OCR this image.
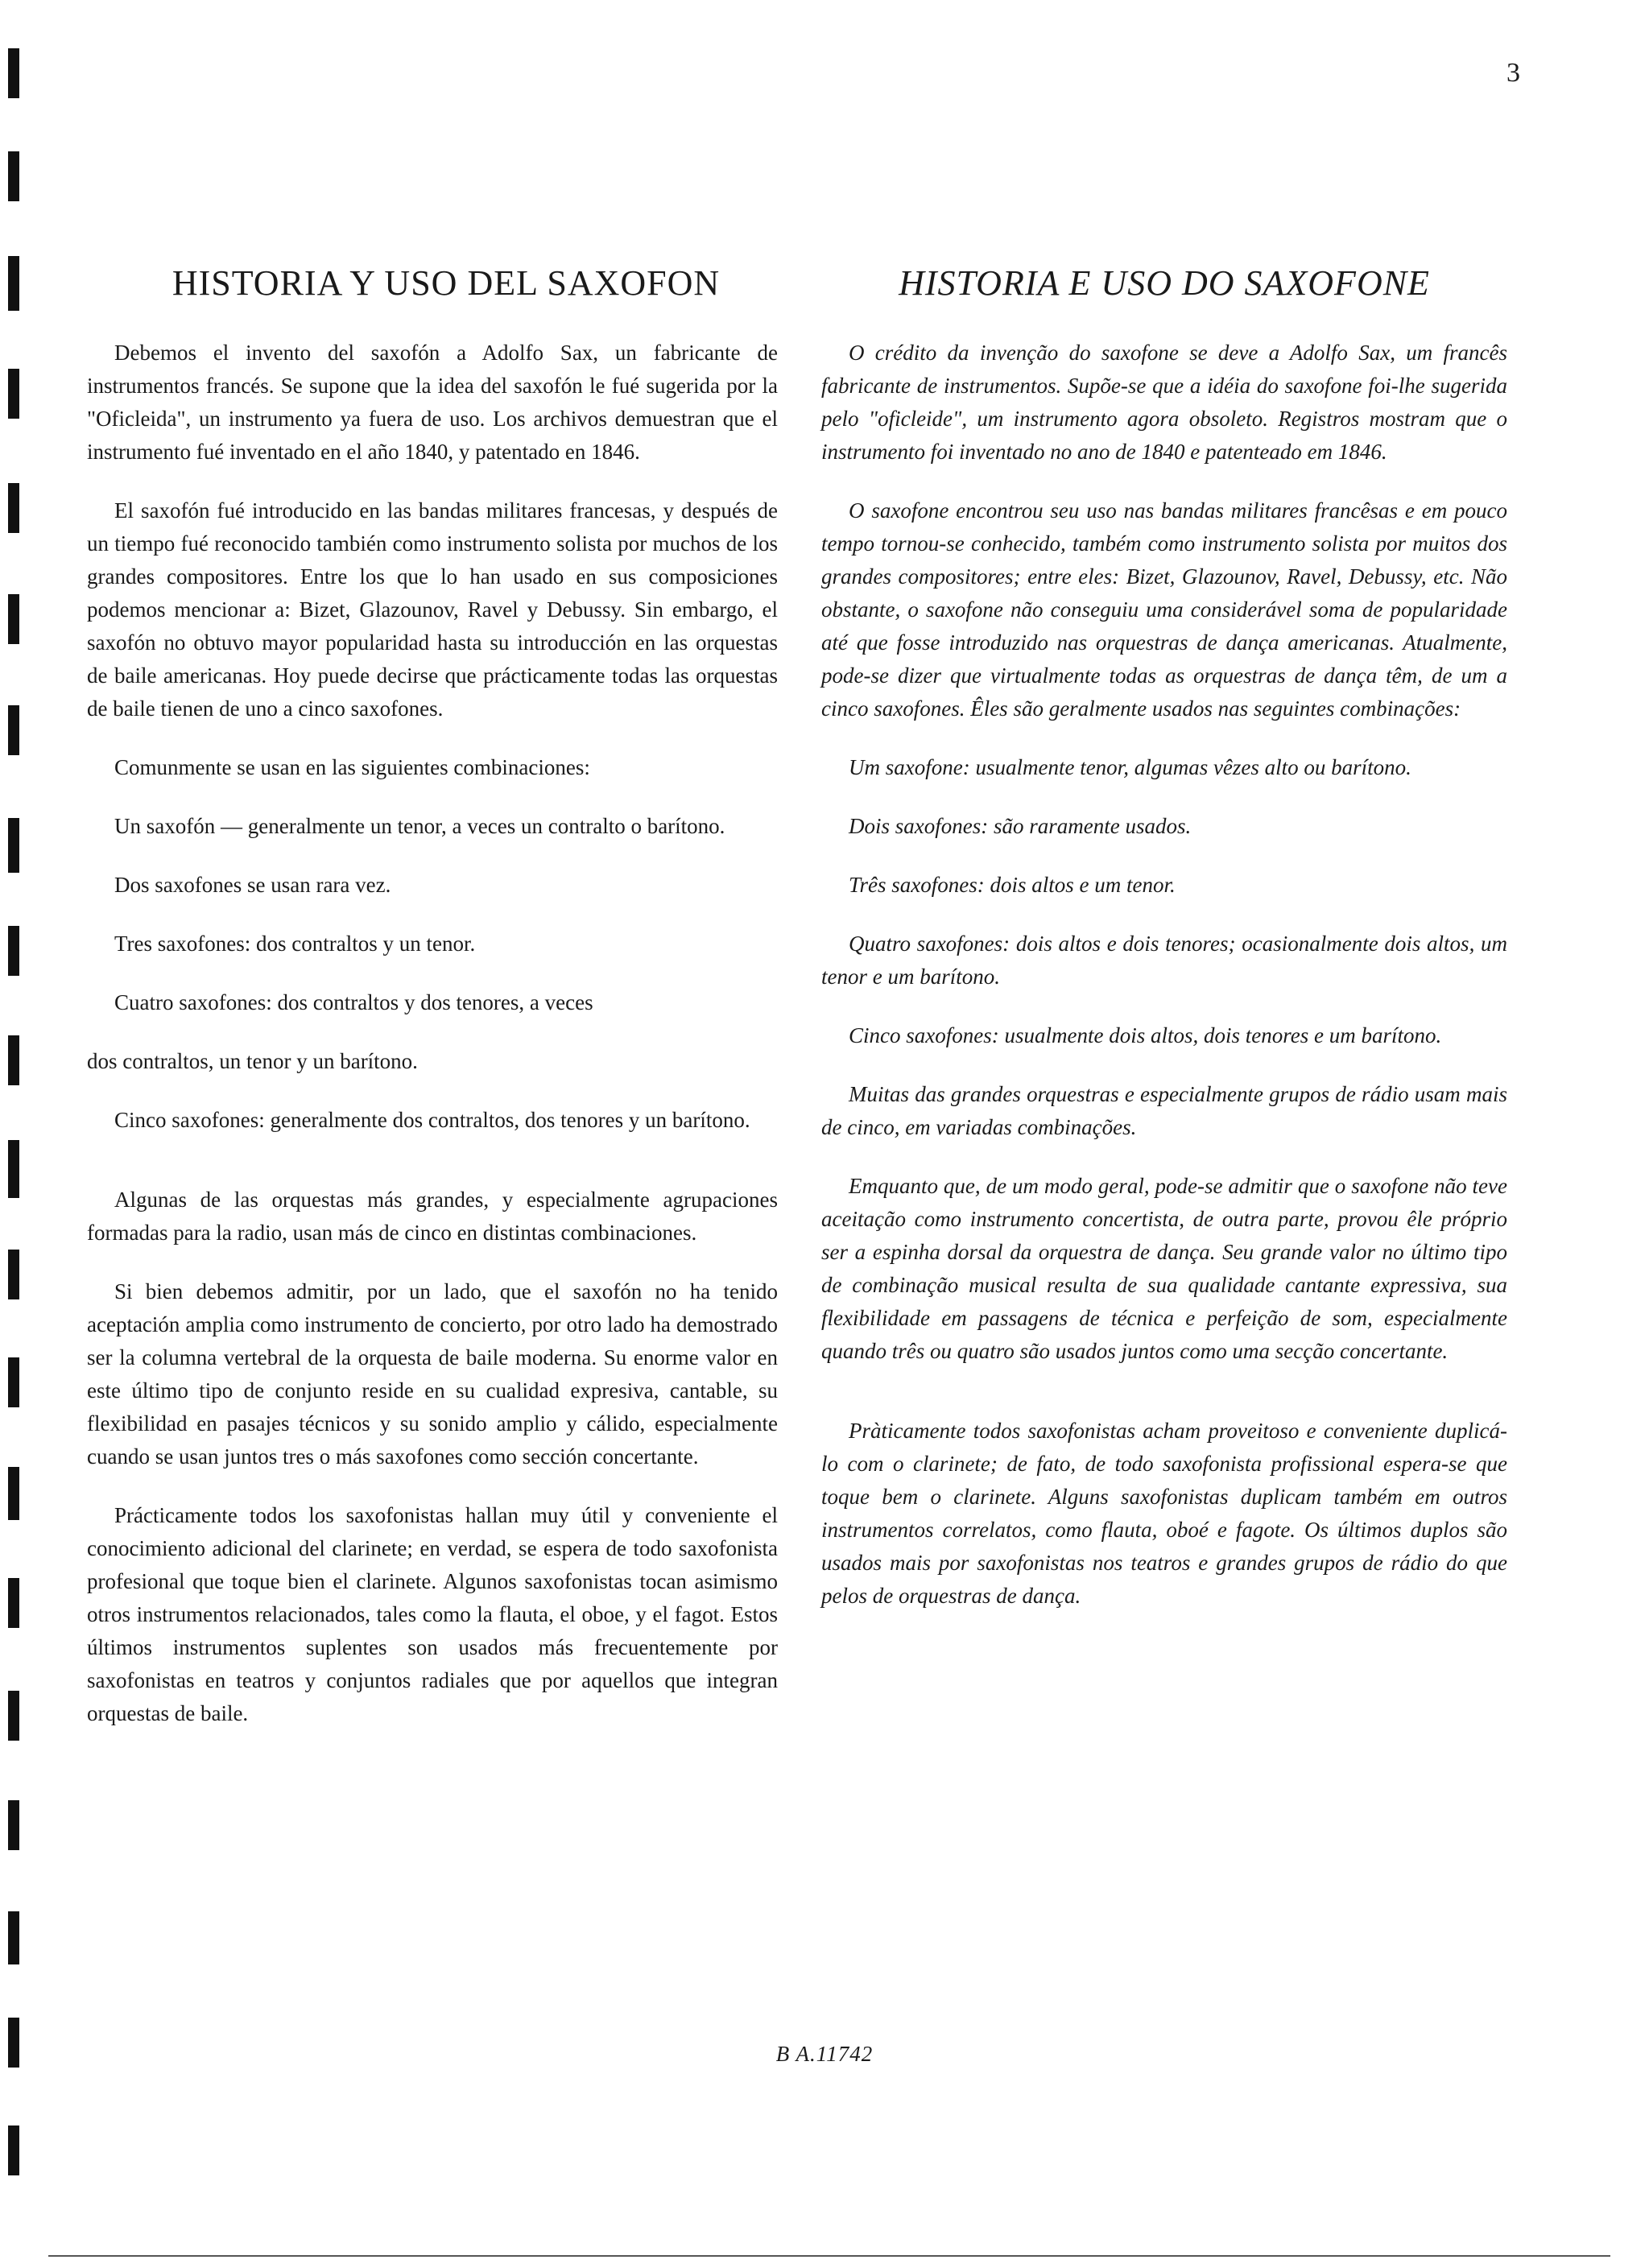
3
HISTORIA Y USO DEL SAXOFON

Debemos el invento del saxofón a Adolfo Sax, un fabricante de instrumentos francés. Se supone que la idea del saxofón le fué sugerida por la "Oficleida", un instrumento ya fuera de uso. Los archivos demuestran que el instrumento fué inventado en el año 1840, y patentado en 1846.

El saxofón fué introducido en las bandas militares francesas, y después de un tiempo fué reconocido también como instrumento solista por muchos de los grandes compositores. Entre los que lo han usado en sus composiciones podemos mencionar a: Bizet, Glazounov, Ravel y Debussy. Sin embargo, el saxofón no obtuvo mayor popularidad hasta su introducción en las orquestas de baile americanas. Hoy puede decirse que prácticamente todas las orquestas de baile tienen de uno a cinco saxofones.

Comunmente se usan en las siguientes combinaciones:

Un saxofón — generalmente un tenor, a veces un contralto o barítono.

Dos saxofones se usan rara vez.

Tres saxofones: dos contraltos y un tenor.

Cuatro saxofones: dos contraltos y dos tenores, a veces

dos contraltos, un tenor y un barítono.

Cinco saxofones: generalmente dos contraltos, dos tenores y un barítono.

Algunas de las orquestas más grandes, y especialmente agrupaciones formadas para la radio, usan más de cinco en distintas combinaciones.

Si bien debemos admitir, por un lado, que el saxofón no ha tenido aceptación amplia como instrumento de concierto, por otro lado ha demostrado ser la columna vertebral de la orquesta de baile moderna. Su enorme valor en este último tipo de conjunto reside en su cualidad expresiva, cantable, su flexibilidad en pasajes técnicos y su sonido amplio y cálido, especialmente cuando se usan juntos tres o más saxofones como sección concertante.

Prácticamente todos los saxofonistas hallan muy útil y conveniente el conocimiento adicional del clarinete; en verdad, se espera de todo saxofonista profesional que toque bien el clarinete. Algunos saxofonistas tocan asimismo otros instrumentos relacionados, tales como la flauta, el oboe, y el fagot. Estos últimos instrumentos suplentes son usados más frecuentemente por saxofonistas en teatros y conjuntos radiales que por aquellos que integran orquestas de baile.

HISTORIA E USO DO SAXOFONE

O crédito da invenção do saxofone se deve a Adolfo Sax, um francês fabricante de instrumentos. Supõe-se que a idéia do saxofone foi-lhe sugerida pelo "oficleide", um instrumento agora obsoleto. Registros mostram que o instrumento foi inventado no ano de 1840 e patenteado em 1846.

O saxofone encontrou seu uso nas bandas militares francêsas e em pouco tempo tornou-se conhecido, também como instrumento solista por muitos dos grandes compositores; entre eles: Bizet, Glazounov, Ravel, Debussy, etc. Não obstante, o saxofone não conseguiu uma considerável soma de popularidade até que fosse introduzido nas orquestras de dança americanas. Atualmente, pode-se dizer que virtualmente todas as orquestras de dança têm, de um a cinco saxofones. Êles são geralmente usados nas seguintes combinações:

Um saxofone: usualmente tenor, algumas vêzes alto ou barítono.

Dois saxofones: são raramente usados.

Três saxofones: dois altos e um tenor.

Quatro saxofones: dois altos e dois tenores; ocasionalmente dois altos, um tenor e um barítono.

Cinco saxofones: usualmente dois altos, dois tenores e um barítono.

Muitas das grandes orquestras e especialmente grupos de rádio usam mais de cinco, em variadas combinações.

Emquanto que, de um modo geral, pode-se admitir que o saxofone não teve aceitação como instrumento concertista, de outra parte, provou êle próprio ser a espinha dorsal da orquestra de dança. Seu grande valor no último tipo de combinação musical resulta de sua qualidade cantante expressiva, sua flexibilidade em passagens de técnica e perfeição de som, especialmente quando três ou quatro são usados juntos como uma secção concertante.

Pràticamente todos saxofonistas acham proveitoso e conveniente duplicá-lo com o clarinete; de fato, de todo saxofonista profissional espera-se que toque bem o clarinete. Alguns saxofonistas duplicam também em outros instrumentos correlatos, como flauta, oboé e fagote. Os últimos duplos são usados mais por saxofonistas nos teatros e grandes grupos de rádio do que pelos de orquestras de dança.

B A.11742
